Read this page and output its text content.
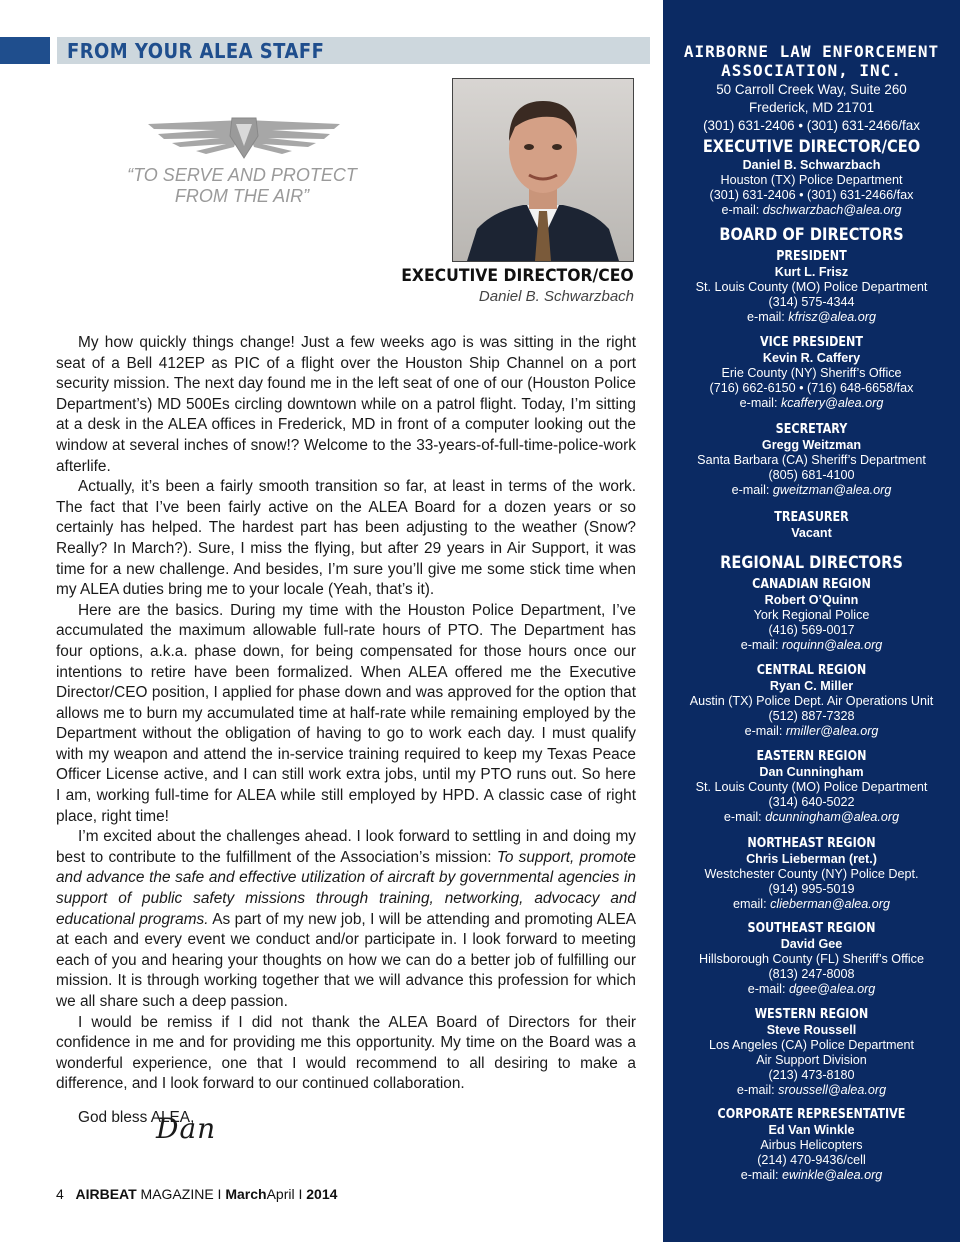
FROM YOUR ALEA STAFF
“TO SERVE AND PROTECT
FROM THE AIR”
EXECUTIVE DIRECTOR/CEO
Daniel B. Schwarzbach

My how quickly things change! Just a few weeks ago is was sitting in the right seat of a Bell 412EP as PIC of a flight over the Houston Ship Channel on a port security mission. The next day found me in the left seat of one of our (Houston Police Department’s) MD 500Es circling downtown while on a patrol flight. Today, I’m sitting at a desk in the ALEA offices in Frederick, MD in front of a computer looking out the window at several inches of snow!? Welcome to the 33-years-of-full-time-police-work afterlife.

Actually, it’s been a fairly smooth transition so far, at least in terms of the work. The fact that I’ve been fairly active on the ALEA Board for a dozen years or so certainly has helped. The hardest part has been adjusting to the weather (Snow? Really? In March?). Sure, I miss the flying, but after 29 years in Air Support, it was time for a new challenge. And besides, I’m sure you’ll give me some stick time when my ALEA duties bring me to your locale (Yeah, that’s it).

Here are the basics. During my time with the Houston Police Department, I’ve accumulated the maximum allowable full-rate hours of PTO. The Department has four options, a.k.a. phase down, for being compensated for those hours once our intentions to retire have been formalized. When ALEA offered me the Executive Director/CEO position, I applied for phase down and was approved for the option that allows me to burn my accumulated time at half-rate while remaining employed by the Department without the obligation of having to go to work each day. I must qualify with my weapon and attend the in-service training required to keep my Texas Peace Officer License active, and I can still work extra jobs, until my PTO runs out. So here I am, working full-time for ALEA while still employed by HPD. A classic case of right place, right time!

I’m excited about the challenges ahead. I look forward to settling in and doing my best to contribute to the fulfillment of the Association’s mission: To support, promote and advance the safe and effective utilization of aircraft by governmental agencies in support of public safety missions through training, networking, advocacy and educational programs. As part of my new job, I will be attending and promoting ALEA at each and every event we conduct and/or participate in. I look forward to meeting each of you and hearing your thoughts on how we can do a better job of fulfilling our mission. It is through working together that we will advance this profession for which we all share such a deep passion.

I would be remiss if I did not thank the ALEA Board of Directors for their confidence in me and for providing me this opportunity. My time on the Board was a wonderful experience, one that I would recommend to all desiring to make a difference, and I look forward to our continued collaboration.

God bless ALEA,

Dan
4 AIRBEAT MAGAZINE I MarchApril I 2014
AIRBORNE LAW ENFORCEMENT
ASSOCIATION, INC.
50 Carroll Creek Way, Suite 260
Frederick, MD 21701
(301) 631-2406 • (301) 631-2466/fax
EXECUTIVE DIRECTOR/CEO
Daniel B. Schwarzbach
Houston (TX) Police Department
(301) 631-2406 • (301) 631-2466/fax
e-mail: dschwarzbach@alea.org
BOARD OF DIRECTORS
PRESIDENT
Kurt L. Frisz
St. Louis County (MO) Police Department
(314) 575-4344
e-mail: kfrisz@alea.org
VICE PRESIDENT
Kevin R. Caffery
Erie County (NY) Sheriff’s Office
(716) 662-6150 • (716) 648-6658/fax
e-mail: kcaffery@alea.org
SECRETARY
Gregg Weitzman
Santa Barbara (CA) Sheriff’s Department
(805) 681-4100
e-mail: gweitzman@alea.org
TREASURER
Vacant
REGIONAL DIRECTORS
CANADIAN REGION
Robert O’Quinn
York Regional Police
(416) 569-0017
e-mail: roquinn@alea.org
CENTRAL REGION
Ryan C. Miller
Austin (TX) Police Dept. Air Operations Unit
(512) 887-7328
e-mail: rmiller@alea.org
EASTERN REGION
Dan Cunningham
St. Louis County (MO) Police Department
(314) 640-5022
e-mail: dcunningham@alea.org
NORTHEAST REGION
Chris Lieberman (ret.)
Westchester County (NY) Police Dept.
(914) 995-5019
email: clieberman@alea.org
SOUTHEAST REGION
David Gee
Hillsborough County (FL) Sheriff’s Office
(813) 247-8008
e-mail: dgee@alea.org
WESTERN REGION
Steve Roussell
Los Angeles (CA) Police Department
Air Support Division
(213) 473-8180
e-mail: sroussell@alea.org
CORPORATE REPRESENTATIVE
Ed Van Winkle
Airbus Helicopters
(214) 470-9436/cell
e-mail: ewinkle@alea.org
